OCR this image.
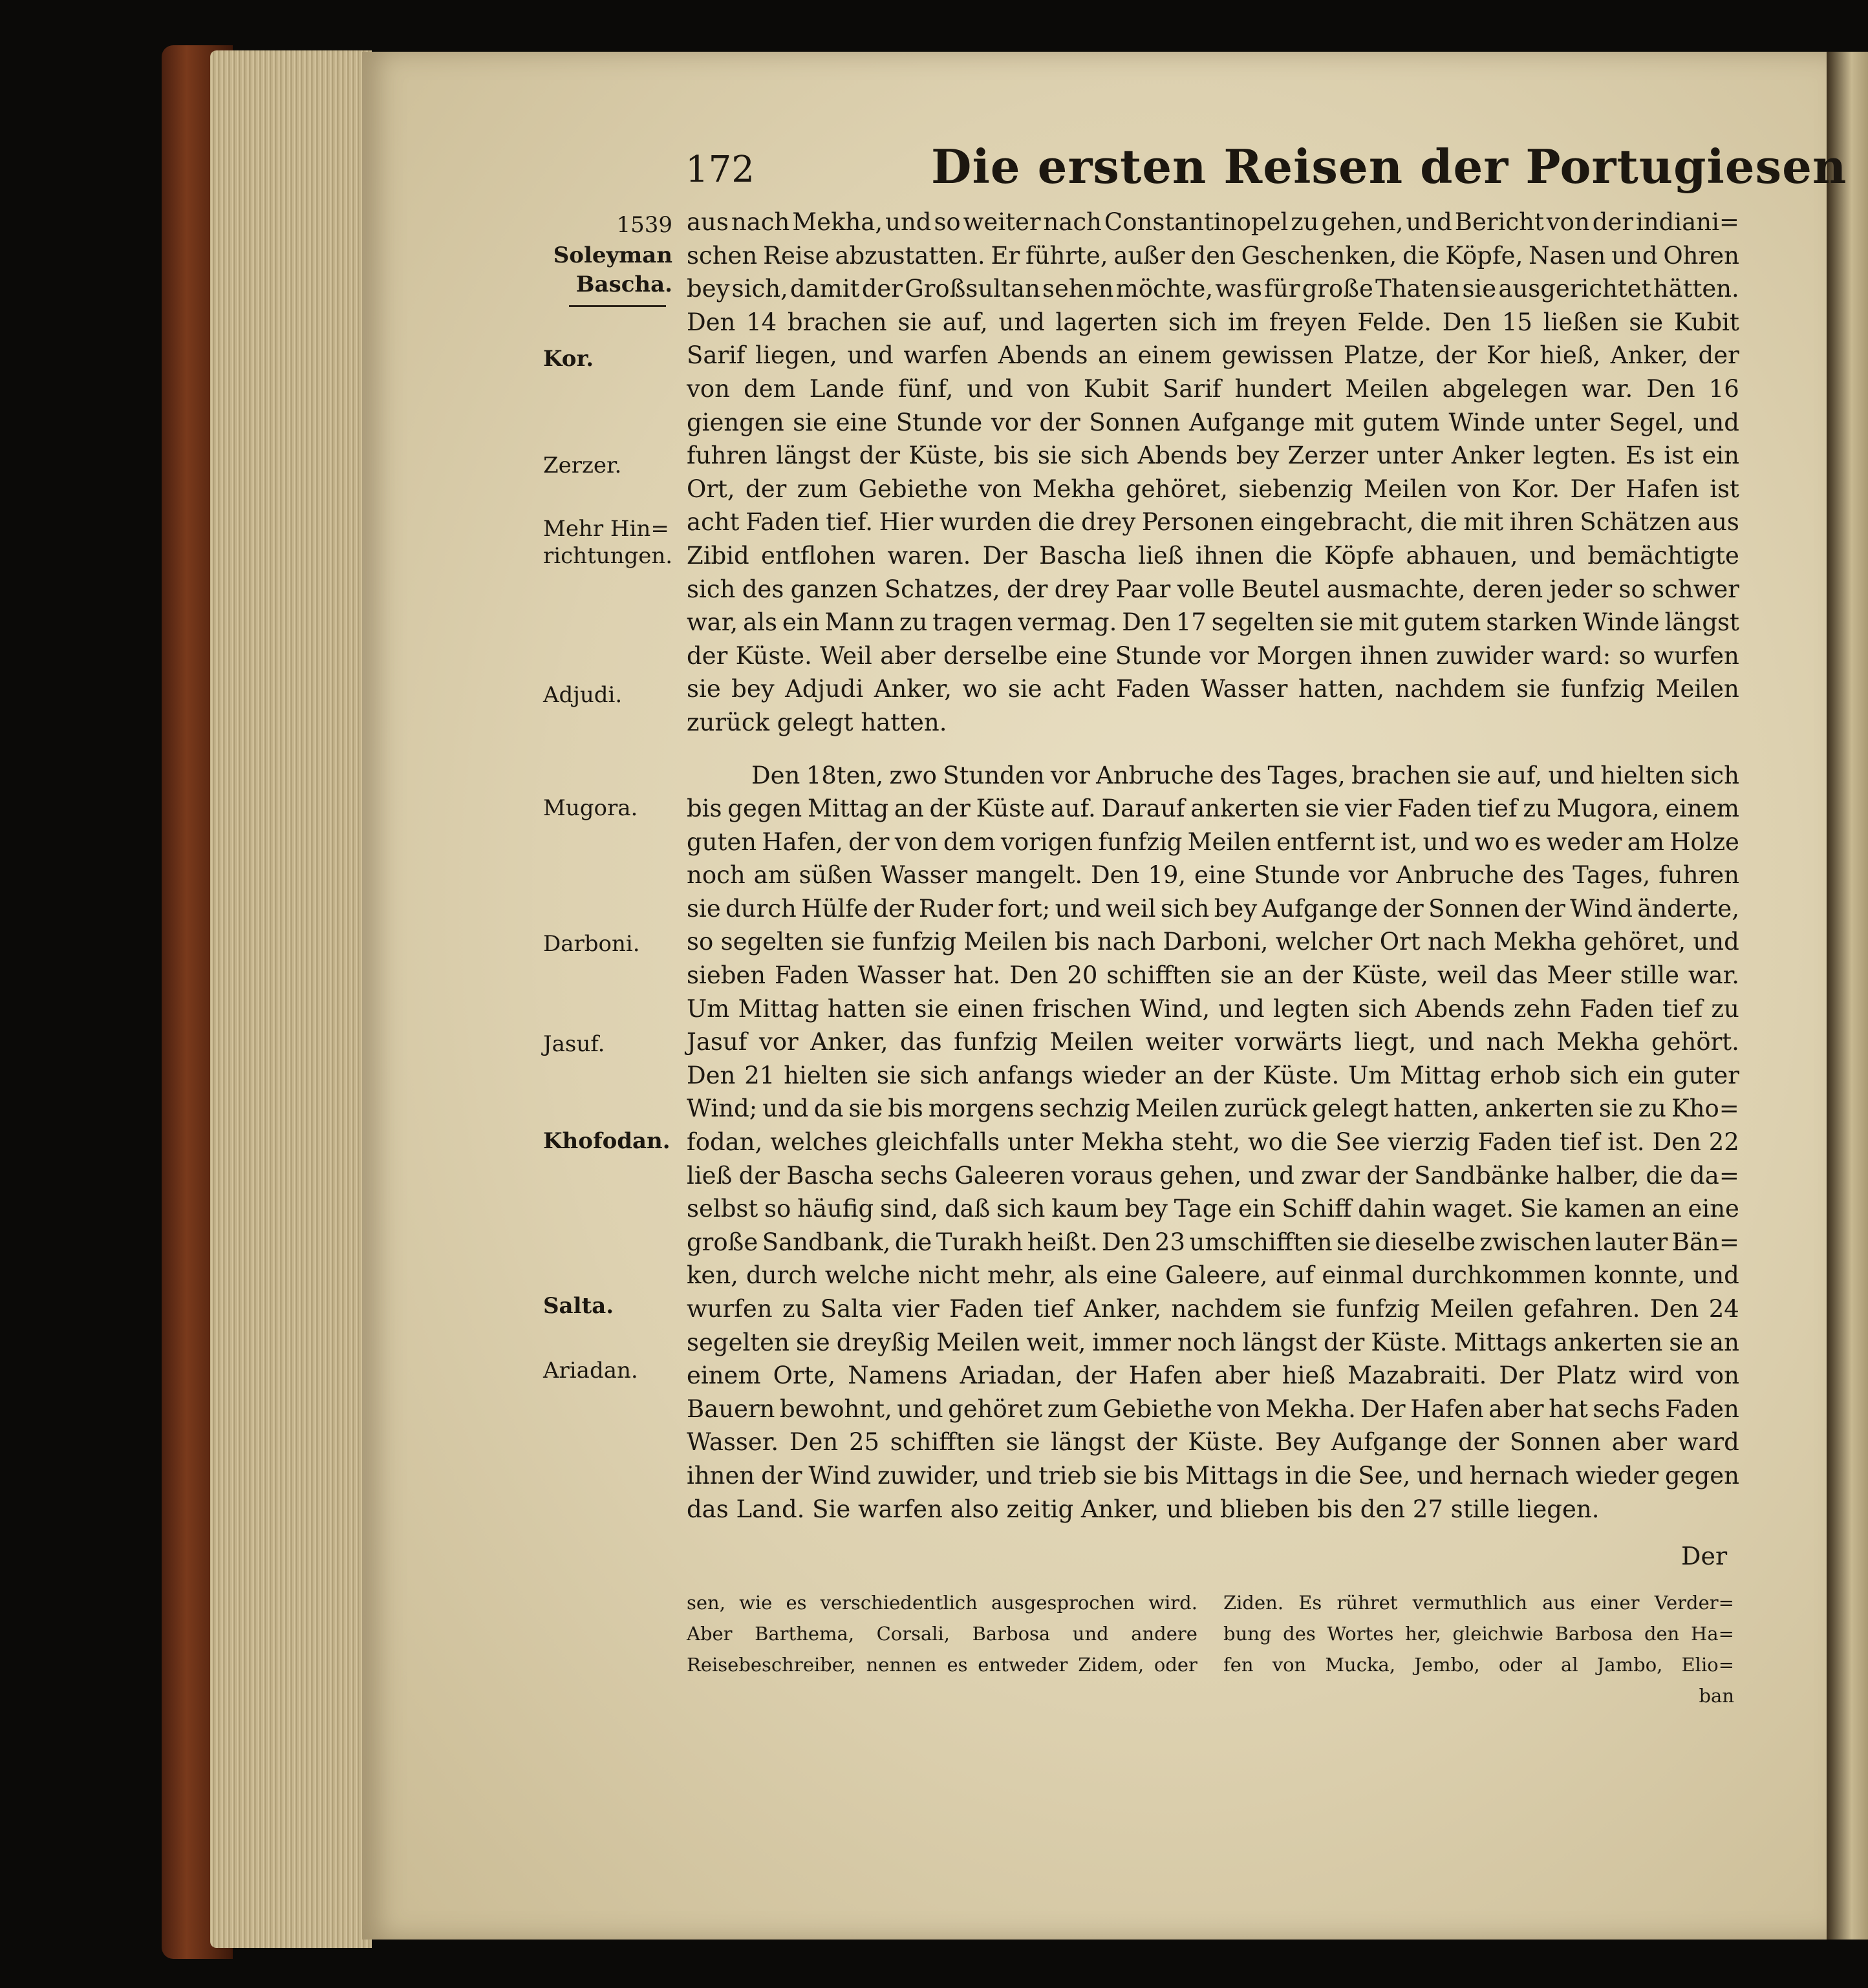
172	Die ersten Reisen der Portugiesen
1539
Soleyman
Bascha.
Kor.
Zerzer.
Mehr Hin=
richtungen.
Adjudi.
Mugora.
Darboni.
Jasuf.
Khofodan.
Salta.
Ariadan.
aus nach Mekha, und so weiter nach Constantinopel zu gehen, und Bericht von der indiani=
schen Reise abzustatten. Er führte, außer den Geschenken, die Köpfe, Nasen und Ohren
bey sich, damit der Großsultan sehen möchte, was für große Thaten sie ausgerichtet hätten.
Den 14 brachen sie auf, und lagerten sich im freyen Felde. Den 15 ließen sie Kubit
Sarif liegen, und warfen Abends an einem gewissen Platze, der Kor hieß, Anker, der
von dem Lande fünf, und von Kubit Sarif hundert Meilen abgelegen war. Den 16
giengen sie eine Stunde vor der Sonnen Aufgange mit gutem Winde unter Segel, und
fuhren längst der Küste, bis sie sich Abends bey Zerzer unter Anker legten. Es ist ein
Ort, der zum Gebiethe von Mekha gehöret, siebenzig Meilen von Kor. Der Hafen ist
acht Faden tief. Hier wurden die drey Personen eingebracht, die mit ihren Schätzen aus
Zibid entflohen waren. Der Bascha ließ ihnen die Köpfe abhauen, und bemächtigte
sich des ganzen Schatzes, der drey Paar volle Beutel ausmachte, deren jeder so schwer
war, als ein Mann zu tragen vermag. Den 17 segelten sie mit gutem starken Winde längst
der Küste. Weil aber derselbe eine Stunde vor Morgen ihnen zuwider ward: so wurfen
sie bey Adjudi Anker, wo sie acht Faden Wasser hatten, nachdem sie funfzig Meilen
zurück gelegt hatten.
Den 18ten, zwo Stunden vor Anbruche des Tages, brachen sie auf, und hielten sich
bis gegen Mittag an der Küste auf. Darauf ankerten sie vier Faden tief zu Mugora, einem
guten Hafen, der von dem vorigen funfzig Meilen entfernt ist, und wo es weder am Holze
noch am süßen Wasser mangelt. Den 19, eine Stunde vor Anbruche des Tages, fuhren
sie durch Hülfe der Ruder fort; und weil sich bey Aufgange der Sonnen der Wind änderte,
so segelten sie funfzig Meilen bis nach Darboni, welcher Ort nach Mekha gehöret, und
sieben Faden Wasser hat. Den 20 schifften sie an der Küste, weil das Meer stille war.
Um Mittag hatten sie einen frischen Wind, und legten sich Abends zehn Faden tief zu
Jasuf vor Anker, das funfzig Meilen weiter vorwärts liegt, und nach Mekha gehört.
Den 21 hielten sie sich anfangs wieder an der Küste. Um Mittag erhob sich ein guter
Wind; und da sie bis morgens sechzig Meilen zurück gelegt hatten, ankerten sie zu Kho=
fodan, welches gleichfalls unter Mekha steht, wo die See vierzig Faden tief ist. Den 22
ließ der Bascha sechs Galeeren voraus gehen, und zwar der Sandbänke halber, die da=
selbst so häufig sind, daß sich kaum bey Tage ein Schiff dahin waget. Sie kamen an eine
große Sandbank, die Turakh heißt. Den 23 umschifften sie dieselbe zwischen lauter Bän=
ken, durch welche nicht mehr, als eine Galeere, auf einmal durchkommen konnte, und
wurfen zu Salta vier Faden tief Anker, nachdem sie funfzig Meilen gefahren. Den 24
segelten sie dreyßig Meilen weit, immer noch längst der Küste. Mittags ankerten sie an
einem Orte, Namens Ariadan, der Hafen aber hieß Mazabraiti. Der Platz wird von
Bauern bewohnt, und gehöret zum Gebiethe von Mekha. Der Hafen aber hat sechs Faden
Wasser. Den 25 schifften sie längst der Küste. Bey Aufgange der Sonnen aber ward
ihnen der Wind zuwider, und trieb sie bis Mittags in die See, und hernach wieder gegen
das Land. Sie warfen also zeitig Anker, und blieben bis den 27 stille liegen.
Der
sen, wie es verschiedentlich ausgesprochen wird.
Aber Barthema, Corsali, Barbosa und andere
Reisebeschreiber, nennen es entweder Zidem, oder
Ziden. Es rühret vermuthlich aus einer Verder=
bung des Wortes her, gleichwie Barbosa den Ha=
fen von Mucka, Jembo, oder al Jambo, Elio=
ban
